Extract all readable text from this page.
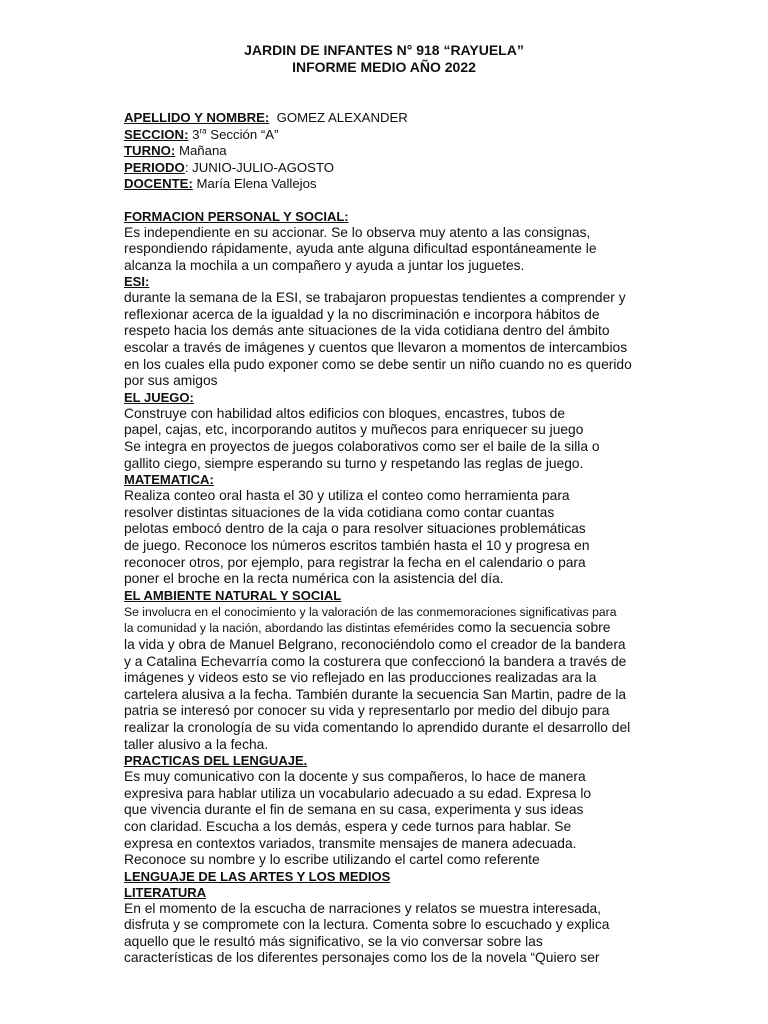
JARDIN DE INFANTES N° 918 “RAYUELA”
INFORME MEDIO AÑO 2022
APELLIDO Y NOMBRE: GOMEZ ALEXANDER
SECCION: $3^{ra}$ Sección “A”
TURNO: Mañana
PERIODO: JUNIO-JULIO-AGOSTO
DOCENTE: María Elena Vallejos
FORMACION PERSONAL Y SOCIAL:
Es independiente en su accionar. Se lo observa muy atento a las consignas,
respondiendo rápidamente, ayuda ante alguna dificultad espontáneamente le
alcanza la mochila a un compañero y ayuda a juntar los juguetes.
ESI:
durante la semana de la ESI, se trabajaron propuestas tendientes a comprender y
reflexionar acerca de la igualdad y la no discriminación e incorpora hábitos de
respeto hacia los demás ante situaciones de la vida cotidiana dentro del ámbito
escolar a través de imágenes y cuentos que llevaron a momentos de intercambios
en los cuales ella pudo exponer como se debe sentir un niño cuando no es querido
por sus amigos
EL JUEGO:
Construye con habilidad altos edificios con bloques, encastres, tubos de
papel, cajas, etc, incorporando autitos y muñecos para enriquecer su juego
Se integra en proyectos de juegos colaborativos como ser el baile de la silla o
gallito ciego, siempre esperando su turno y respetando las reglas de juego.
MATEMATICA:
Realiza conteo oral hasta el 30 y utiliza el conteo como herramienta para
resolver distintas situaciones de la vida cotidiana como contar cuantas
pelotas embocó dentro de la caja o para resolver situaciones problemáticas
de juego. Reconoce los números escritos también hasta el 10 y progresa en
reconocer otros, por ejemplo, para registrar la fecha en el calendario o para
poner el broche en la recta numérica con la asistencia del día.
EL AMBIENTE NATURAL Y SOCIAL
Se involucra en el conocimiento y la valoración de las conmemoraciones significativas para
la comunidad y la nación, abordando las distintas efemérides como la secuencia sobre
la vida y obra de Manuel Belgrano, reconociéndolo como el creador de la bandera
y a Catalina Echevarría como la costurera que confeccionó la bandera a través de
imágenes y videos esto se vio reflejado en las producciones realizadas ara la
cartelera alusiva a la fecha. También durante la secuencia San Martin, padre de la
patria se interesó por conocer su vida y representarlo por medio del dibujo para
realizar la cronología de su vida comentando lo aprendido durante el desarrollo del
taller alusivo a la fecha.
PRACTICAS DEL LENGUAJE.
Es muy comunicativo con la docente y sus compañeros, lo hace de manera
expresiva para hablar utiliza un vocabulario adecuado a su edad. Expresa lo
que vivencia durante el fin de semana en su casa, experimenta y sus ideas
con claridad. Escucha a los demás, espera y cede turnos para hablar. Se
expresa en contextos variados, transmite mensajes de manera adecuada.
Reconoce su nombre y lo escribe utilizando el cartel como referente
LENGUAJE DE LAS ARTES Y LOS MEDIOS
LITERATURA
En el momento de la escucha de narraciones y relatos se muestra interesada,
disfruta y se compromete con la lectura. Comenta sobre lo escuchado y explica
aquello que le resultó más significativo, se la vio conversar sobre las
características de los diferentes personajes como los de la novela “Quiero ser
